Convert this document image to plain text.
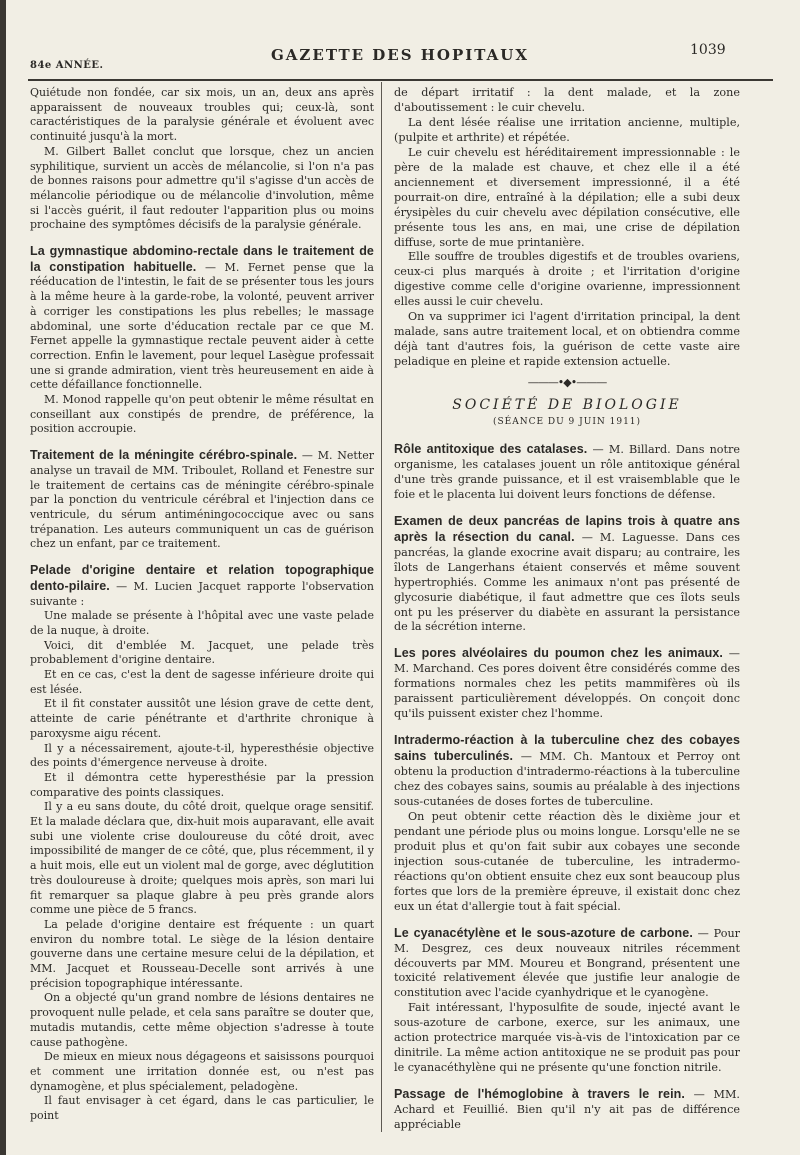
84e ANNÉE.
GAZETTE DES HOPITAUX	1039

Quiétude non fondée, car six mois, un an, deux ans après apparaissent de nouveaux troubles qui; ceux-là, sont caractéristiques de la paralysie générale et évoluent avec continuité jusqu'à la mort.

M. Gilbert Ballet conclut que lorsque, chez un ancien syphilitique, survient un accès de mélancolie, si l'on n'a pas de bonnes raisons pour admettre qu'il s'agisse d'un accès de mélancolie périodique ou de mélancolie d'involution, même si l'accès guérit, il faut redouter l'apparition plus ou moins prochaine des symptômes décisifs de la paralysie générale.

La gymnastique abdomino-rectale dans le traitement de la constipation habituelle. — M. Fernet pense que la rééducation de l'intestin, le fait de se présenter tous les jours à la même heure à la garde-robe, la volonté, peuvent arriver à corriger les constipations les plus rebelles; le massage abdominal, une sorte d'éducation rectale par ce que M. Fernet appelle la gymnastique rectale peuvent aider à cette correction. Enfin le lavement, pour lequel Lasègue professait une si grande admiration, vient très heureusement en aide à cette défaillance fonctionnelle.

M. Monod rappelle qu'on peut obtenir le même résultat en conseillant aux constipés de prendre, de préférence, la position accroupie.

Traitement de la méningite cérébro-spinale. — M. Netter analyse un travail de MM. Triboulet, Rolland et Fenestre sur le traitement de certains cas de méningite cérébro-spinale par la ponction du ventricule cérébral et l'injection dans ce ventricule, du sérum antiméningococcique avec ou sans trépanation. Les auteurs communiquent un cas de guérison chez un enfant, par ce traitement.

Pelade d'origine dentaire et relation topographique dento-pilaire. — M. Lucien Jacquet rapporte l'observation suivante :

Une malade se présente à l'hôpital avec une vaste pelade de la nuque, à droite.

Voici, dit d'emblée M. Jacquet, une pelade très probablement d'origine dentaire.

Et en ce cas, c'est la dent de sagesse inférieure droite qui est lésée.

Et il fit constater aussitôt une lésion grave de cette dent, atteinte de carie pénétrante et d'arthrite chronique à paroxysme aigu récent.

Il y a nécessairement, ajoute-t-il, hyperesthésie objective des points d'émergence nerveuse à droite.

Et il démontra cette hyperesthésie par la pression comparative des points classiques.

Il y a eu sans doute, du côté droit, quelque orage sensitif. Et la malade déclara que, dix-huit mois auparavant, elle avait subi une violente crise douloureuse du côté droit, avec impossibilité de manger de ce côté, que, plus récemment, il y a huit mois, elle eut un violent mal de gorge, avec déglutition très douloureuse à droite; quelques mois après, son mari lui fit remarquer sa plaque glabre à peu près grande alors comme une pièce de 5 francs.

La pelade d'origine dentaire est fréquente : un quart environ du nombre total. Le siège de la lésion dentaire gouverne dans une certaine mesure celui de la dépilation, et MM. Jacquet et Rousseau-Decelle sont arrivés à une précision topographique intéressante.

On a objecté qu'un grand nombre de lésions dentaires ne provoquent nulle pelade, et cela sans paraître se douter que, mutadis mutandis, cette même objection s'adresse à toute cause pathogène.

De mieux en mieux nous dégageons et saisissons pourquoi et comment une irritation donnée est, ou n'est pas dynamogène, et plus spécialement, peladogène.

Il faut envisager à cet égard, dans le cas particulier, le point

de départ irritatif : la dent malade, et la zone d'aboutissement : le cuir chevelu.

La dent lésée réalise une irritation ancienne, multiple, (pulpite et arthrite) et répétée.

Le cuir chevelu est héréditairement impressionnable : le père de la malade est chauve, et chez elle il a été anciennement et diversement impressionné, il a été pourrait-on dire, entraîné à la dépilation; elle a subi deux érysipèles du cuir chevelu avec dépilation consécutive, elle présente tous les ans, en mai, une crise de dépilation diffuse, sorte de mue printanière.

Elle souffre de troubles digestifs et de troubles ovariens, ceux-ci plus marqués à droite ; et l'irritation d'origine digestive comme celle d'origine ovarienne, impressionnent elles aussi le cuir chevelu.

On va supprimer ici l'agent d'irritation principal, la dent malade, sans autre traitement local, et on obtiendra comme déjà tant d'autres fois, la guérison de cette vaste aire peladique en pleine et rapide extension actuelle.

———•◆•———
SOCIÉTÉ DE BIOLOGIE
(SÉANCE DU 9 JUIN 1911)

Rôle antitoxique des catalases. — M. Billard. Dans notre organisme, les catalases jouent un rôle antitoxique général d'une très grande puissance, et il est vraisemblable que le foie et le placenta lui doivent leurs fonctions de défense.

Examen de deux pancréas de lapins trois à quatre ans après la résection du canal. — M. Laguesse. Dans ces pancréas, la glande exocrine avait disparu; au contraire, les îlots de Langerhans étaient conservés et même souvent hypertrophiés. Comme les animaux n'ont pas présenté de glycosurie diabétique, il faut admettre que ces îlots seuls ont pu les préserver du diabète en assurant la persistance de la sécrétion interne.

Les pores alvéolaires du poumon chez les animaux. — M. Marchand. Ces pores doivent être considérés comme des formations normales chez les petits mammifères où ils paraissent particulièrement développés. On conçoit donc qu'ils puissent exister chez l'homme.

Intradermo-réaction à la tuberculine chez des cobayes sains tuberculinés. — MM. Ch. Mantoux et Perroy ont obtenu la production d'intradermo-réactions à la tuberculine chez des cobayes sains, soumis au préalable à des injections sous-cutanées de doses fortes de tuberculine.

On peut obtenir cette réaction dès le dixième jour et pendant une période plus ou moins longue. Lorsqu'elle ne se produit plus et qu'on fait subir aux cobayes une seconde injection sous-cutanée de tuberculine, les intradermo-réactions qu'on obtient ensuite chez eux sont beaucoup plus fortes que lors de la première épreuve, il existait donc chez eux un état d'allergie tout à fait spécial.

Le cyanacétylène et le sous-azoture de carbone. — Pour M. Desgrez, ces deux nouveaux nitriles récemment découverts par MM. Moureu et Bongrand, présentent une toxicité relativement élevée que justifie leur analogie de constitution avec l'acide cyanhydrique et le cyanogène.

Fait intéressant, l'hyposulfite de soude, injecté avant le sous-azoture de carbone, exerce, sur les animaux, une action protectrice marquée vis-à-vis de l'intoxication par ce dinitrile. La même action antitoxique ne se produit pas pour le cyanacéthylène qui ne présente qu'une fonction nitrile.

Passage de l'hémoglobine à travers le rein. — MM. Achard et Feuillié. Bien qu'il n'y ait pas de différence appréciable
